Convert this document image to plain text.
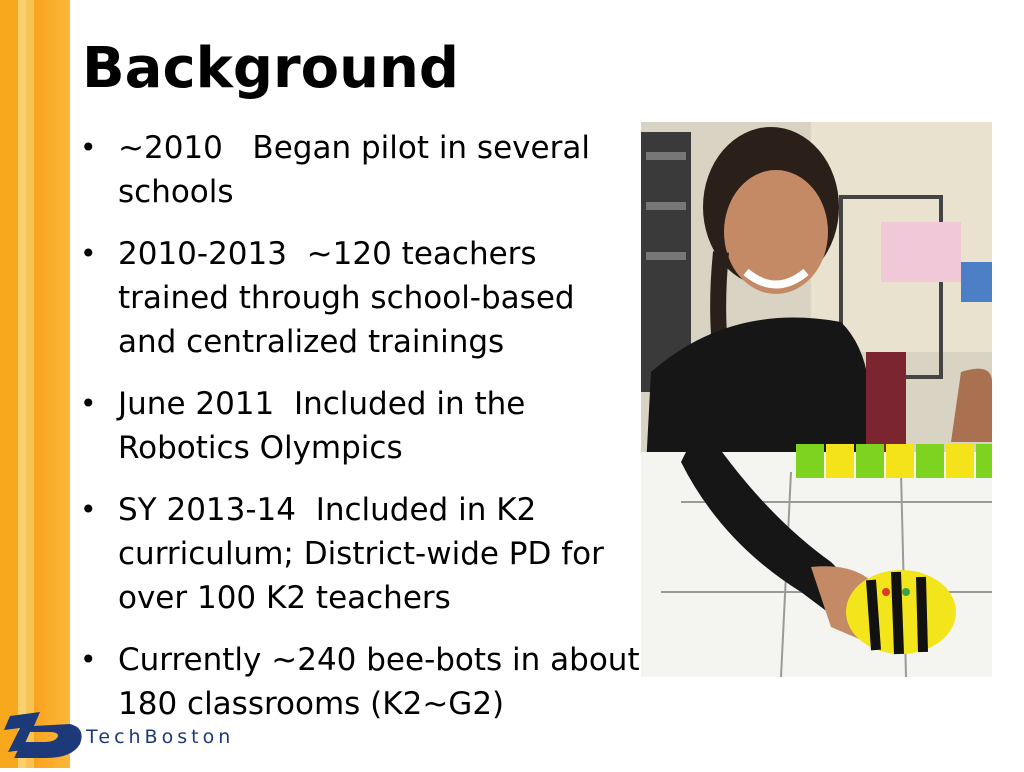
Background
• ~2010   Began pilot in several schools
• 2010-2013  ~120 teachers trained through school-based and centralized trainings
• June 2011  Included in the Robotics Olympics
• SY 2013-14  Included in K2 curriculum; District-wide PD for over 100 K2 teachers
• Currently ~240 bee-bots in about 180 classrooms (K2~G2)
TechBoston
